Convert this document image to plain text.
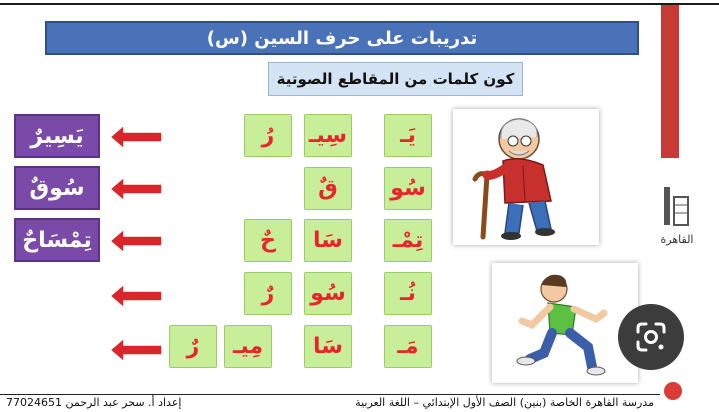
تدريبات على حرف السين (س)
كون كلمات من المقاطع الصوتية
يَـ
سِيـ
رُ
سُو
قٌ
تِمْـ
سَا
حٌ
نُـ
سُو
رٌ
مَـ
سَا
مِيـ
رٌ
يَسِيرٌ
سُوقٌ
تِمْسَاحٌ	القاهرة
مدرسة القاهرة الخاصة (بنين) الصف الأول الإبتدائي – اللغة العربية
إعداد أ. سحر عبد الرحمن 77024651
